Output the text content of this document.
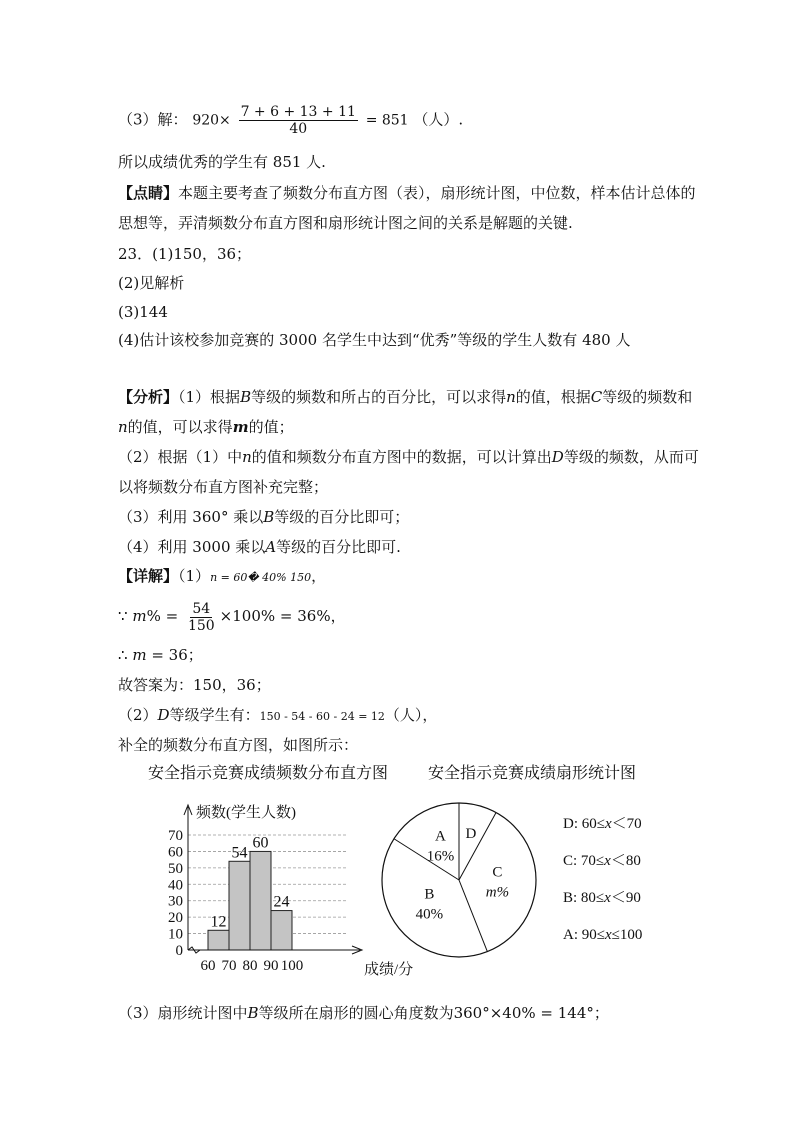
（3）解： $920\times \frac{7 + 6 + 13 + 11}{40} = 851$ （人）.
所以成绩优秀的学生有 851 人.
【点睛】本题主要考查了频数分布直方图（表），扇形统计图，中位数，样本估计总体的
思想等，弄清频数分布直方图和扇形统计图之间的关系是解题的关键.
23．(1)150，36；
(2)见解析
(3)144
(4)估计该校参加竞赛的 3000 名学生中达到“优秀”等级的学生人数有 480 人
【分析】（1）根据B等级的频数和所占的百分比，可以求得n的值，根据C等级的频数和
n的值，可以求得m的值；
（2）根据（1）中n的值和频数分布直方图中的数据，可以计算出D等级的频数，从而可
以将频数分布直方图补充完整；
（3）利用 360° 乘以B等级的百分比即可；
（4）利用 3000 乘以A等级的百分比即可.
【详解】（1）n = 60� 40% 150，
∵ $m\% = \frac{54}{150} \times 100\% = 36\%$，
∴ m = 36；
故答案为：150，36；
（2）D等级学生有：150 - 54 - 60 - 24 = 12（人），
补全的频数分布直方图，如图所示：
安全指示竞赛成绩频数分布直方图 安全指示竞赛成绩扇形统计图
12
54
60
24
0
10
20
30
40
50
60
70
60 70 80 90 100
频数(学生人数)
成绩/分
A
16%
D
C
m%
B
40%
D: 60≤x＜70
C: 70≤x＜80
B: 80≤x＜90
A: 90≤x≤100
（3）扇形统计图中B等级所在扇形的圆心角度数为360°×40% = 144°；
